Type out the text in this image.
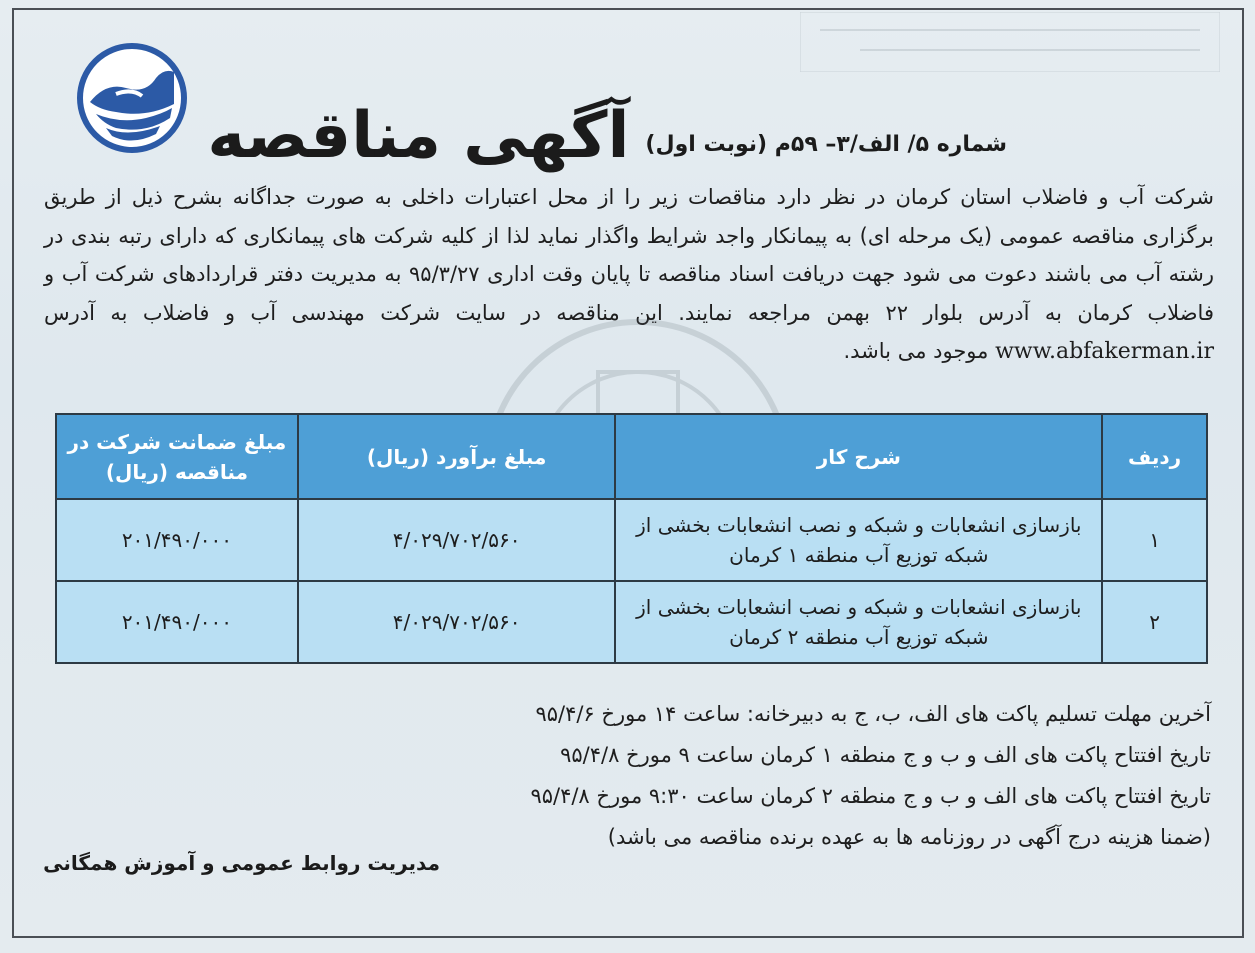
آگهی مناقصه شماره ۵/ الف/۳– ۵۹م (نوبت اول)
شرکت آب و فاضلاب استان کرمان در نظر دارد مناقصات زیر را از محل اعتبارات داخلی به صورت جداگانه بشرح ذیل از طریق برگزاری مناقصه عمومی (یک مرحله ای) به پیمانکار واجد شرایط واگذار نماید لذا از کلیه شرکت های پیمانکاری که دارای رتبه بندی در رشته آب می باشند دعوت می شود جهت دریافت اسناد مناقصه تا پایان وقت اداری ۹۵/۳/۲۷ به مدیریت دفتر قراردادهای شرکت آب و فاضلاب کرمان به آدرس بلوار ۲۲ بهمن مراجعه نمایند. این مناقصه در سایت شرکت مهندسی آب و فاضلاب به آدرس www.abfakerman.ir موجود می باشد.
ردیف	شرح کار	مبلغ برآورد (ریال)	مبلغ ضمانت شرکت در مناقصه (ریال)
۱	بازسازی انشعابات و شبکه و نصب انشعابات بخشی از شبکه توزیع آب منطقه ۱ کرمان	۴/۰۲۹/۷۰۲/۵۶۰	۲۰۱/۴۹۰/۰۰۰
۲	بازسازی انشعابات و شبکه و نصب انشعابات بخشی از شبکه توزیع آب منطقه ۲ کرمان	۴/۰۲۹/۷۰۲/۵۶۰	۲۰۱/۴۹۰/۰۰۰
آخرین مهلت تسلیم پاکت های الف، ب، ج به دبیرخانه: ساعت ۱۴ مورخ ۹۵/۴/۶
تاریخ افتتاح پاکت های الف و ب و ج منطقه ۱ کرمان ساعت ۹ مورخ ۹۵/۴/۸
تاریخ افتتاح پاکت های الف و ب و ج منطقه ۲ کرمان ساعت ۹:۳۰ مورخ ۹۵/۴/۸
(ضمنا هزینه درج آگهی در روزنامه ها به عهده برنده مناقصه می باشد)
مدیریت روابط عمومی و آموزش همگانی
